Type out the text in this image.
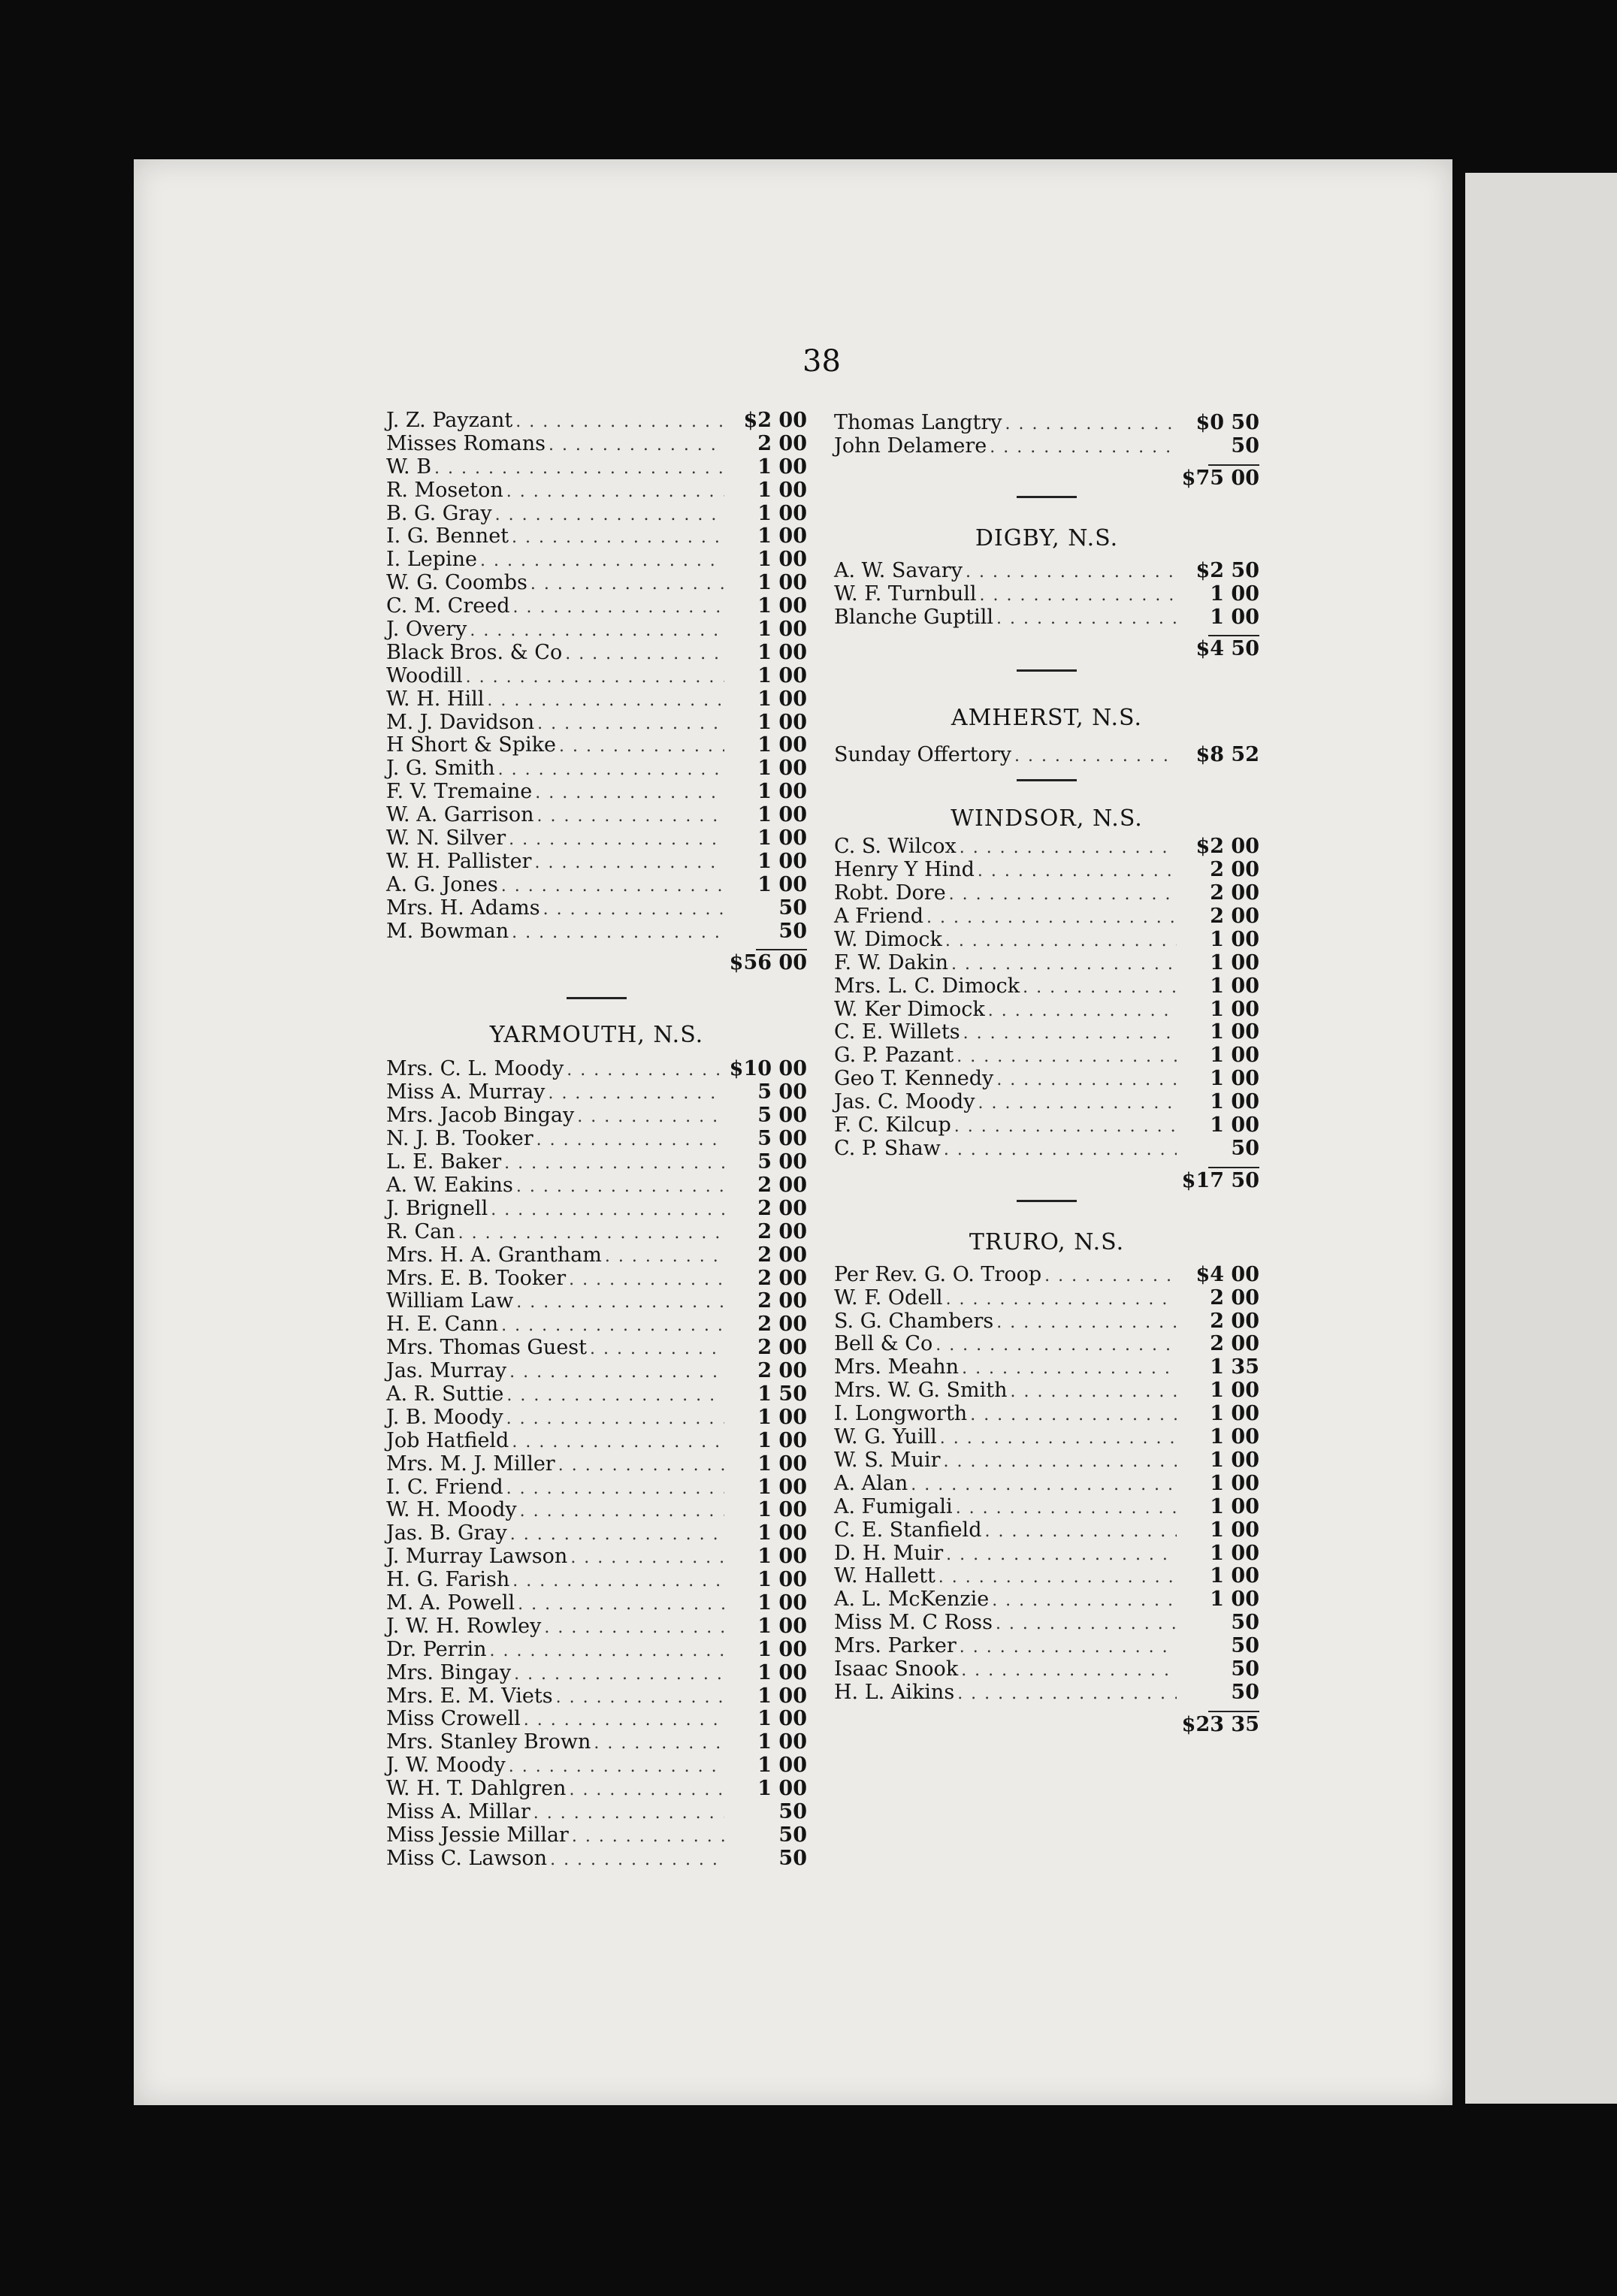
38
J. Z. Payzant . . .	$2 00
Misses Romans . . .	2 00
W. B . . .	1 00
R. Moseton . . .	1 00
B. G. Gray . . .	1 00
I. G. Bennet . . .	1 00
I. Lepine . . .	1 00
W. G. Coombs . . .	1 00
C. M. Creed . . .	1 00
J. Overy . . .	1 00
Black Bros. & Co . . .	1 00
Woodill . . .	1 00
W. H. Hill . . .	1 00
M. J. Davidson . . .	1 00
H Short & Spike . . .	1 00
J. G. Smith . . .	1 00
F. V. Tremaine . . .	1 00
W. A. Garrison . . .	1 00
W. N. Silver . . .	1 00
W. H. Pallister . . .	1 00
A. G. Jones . . .	1 00
Mrs. H. Adams . . .	50
M. Bowman . . .	50
$56 00
YARMOUTH, N.S.
Mrs. C. L. Moody . . .	$10 00
Miss A. Murray . . .	5 00
Mrs. Jacob Bingay . . .	5 00
N. J. B. Tooker . . .	5 00
L. E. Baker . . .	5 00
A. W. Eakins . . .	2 00
J. Brignell . . .	2 00
R. Can . . .	2 00
Mrs. H. A. Grantham . . .	2 00
Mrs. E. B. Tooker . . .	2 00
William Law . . .	2 00
H. E. Cann . . .	2 00
Mrs. Thomas Guest . . .	2 00
Jas. Murray . . .	2 00
A. R. Suttie . . .	1 50
J. B. Moody . . .	1 00
Job Hatfield . . .	1 00
Mrs. M. J. Miller . . .	1 00
I. C. Friend . . .	1 00
W. H. Moody . . .	1 00
Jas. B. Gray . . .	1 00
J. Murray Lawson . . .	1 00
H. G. Farish . . .	1 00
M. A. Powell . . .	1 00
J. W. H. Rowley . . .	1 00
Dr. Perrin . . .	1 00
Mrs. Bingay . . .	1 00
Mrs. E. M. Viets . . .	1 00
Miss Crowell . . .	1 00
Mrs. Stanley Brown . . .	1 00
J. W. Moody . . .	1 00
W. H. T. Dahlgren . . .	1 00
Miss A. Millar . . .	50
Miss Jessie Millar . . .	50
Miss C. Lawson . . .	50
Thomas Langtry . . .	$0 50
John Delamere . . .	50
$75 00
DIGBY, N.S.
A. W. Savary . . .	$2 50
W. F. Turnbull . . .	1 00
Blanche Guptill . . .	1 00
$4 50
AMHERST, N.S.
Sunday Offertory . . .	$8 52
WINDSOR, N.S.
C. S. Wilcox . . .	$2 00
Henry Y Hind . . .	2 00
Robt. Dore . . .	2 00
A Friend . . .	2 00
W. Dimock . . .	1 00
F. W. Dakin . . .	1 00
Mrs. L. C. Dimock . . .	1 00
W. Ker Dimock . . .	1 00
C. E. Willets . . .	1 00
G. P. Pazant . . .	1 00
Geo T. Kennedy . . .	1 00
Jas. C. Moody . . .	1 00
F. C. Kilcup . . .	1 00
C. P. Shaw . . .	50
$17 50
TRURO, N.S.
Per Rev. G. O. Troop . . .	$4 00
W. F. Odell . . .	2 00
S. G. Chambers . . .	2 00
Bell & Co . . .	2 00
Mrs. Meahn . . .	1 35
Mrs. W. G. Smith . . .	1 00
I. Longworth . . .	1 00
W. G. Yuill . . .	1 00
W. S. Muir . . .	1 00
A. Alan . . .	1 00
A. Fumigali . . .	1 00
C. E. Stanfield . . .	1 00
D. H. Muir . . .	1 00
W. Hallett . . .	1 00
A. L. McKenzie . . .	1 00
Miss M. C Ross . . .	50
Mrs. Parker . . .	50
Isaac Snook . . .	50
H. L. Aikins . . .	50
$23 35
